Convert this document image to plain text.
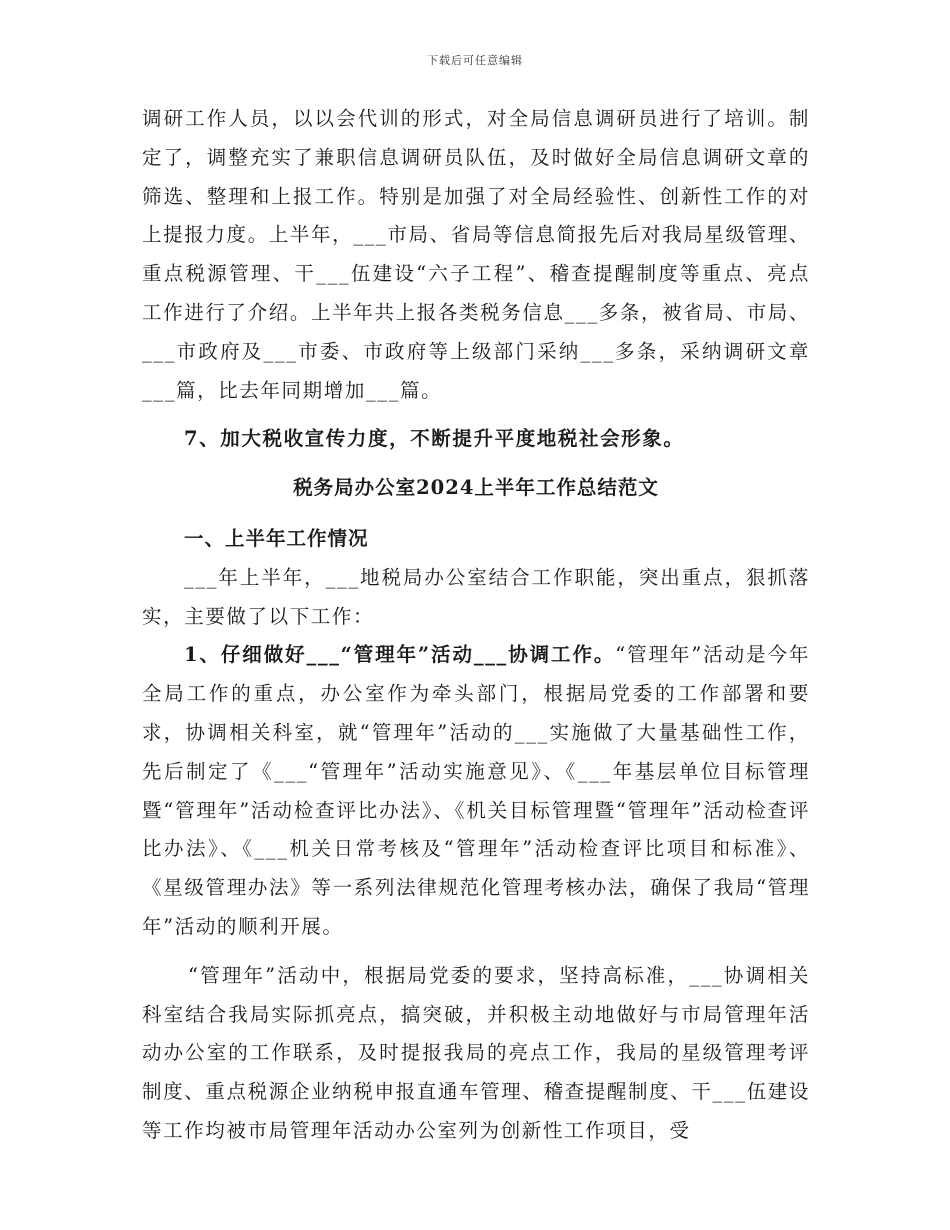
下载后可任意编辑

调研工作人员，以以会代训的形式，对全局信息调研员进行了培训。制定了，调整充实了兼职信息调研员队伍，及时做好全局信息调研文章的筛选、整理和上报工作。特别是加强了对全局经验性、创新性工作的对上提报力度。上半年，___市局、省局等信息简报先后对我局星级管理、重点税源管理、干___伍建设“六子工程”、稽查提醒制度等重点、亮点工作进行了介绍。上半年共上报各类税务信息___多条，被省局、市局、___市政府及___市委、市政府等上级部门采纳___多条，采纳调研文章___篇，比去年同期增加___篇。

7、加大税收宣传力度，不断提升平度地税社会形象。

税务局办公室2024上半年工作总结范文

一、上半年工作情况

___年上半年，___地税局办公室结合工作职能，突出重点，狠抓落实，主要做了以下工作：

1、仔细做好___“管理年”活动___协调工作。“管理年”活动是今年全局工作的重点，办公室作为牵头部门，根据局党委的工作部署和要求，协调相关科室，就“管理年”活动的___实施做了大量基础性工作，先后制定了《___“管理年”活动实施意见》、《___年基层单位目标管理暨“管理年”活动检查评比办法》、《机关目标管理暨“管理年”活动检查评比办法》、《___机关日常考核及“管理年”活动检查评比项目和标准》、《星级管理办法》等一系列法律规范化管理考核办法，确保了我局“管理年”活动的顺利开展。

“管理年”活动中，根据局党委的要求，坚持高标准，___协调相关科室结合我局实际抓亮点，搞突破，并积极主动地做好与市局管理年活动办公室的工作联系，及时提报我局的亮点工作，我局的星级管理考评制度、重点税源企业纳税申报直通车管理、稽查提醒制度、干___伍建设等工作均被市局管理年活动办公室列为创新性工作项目，受
